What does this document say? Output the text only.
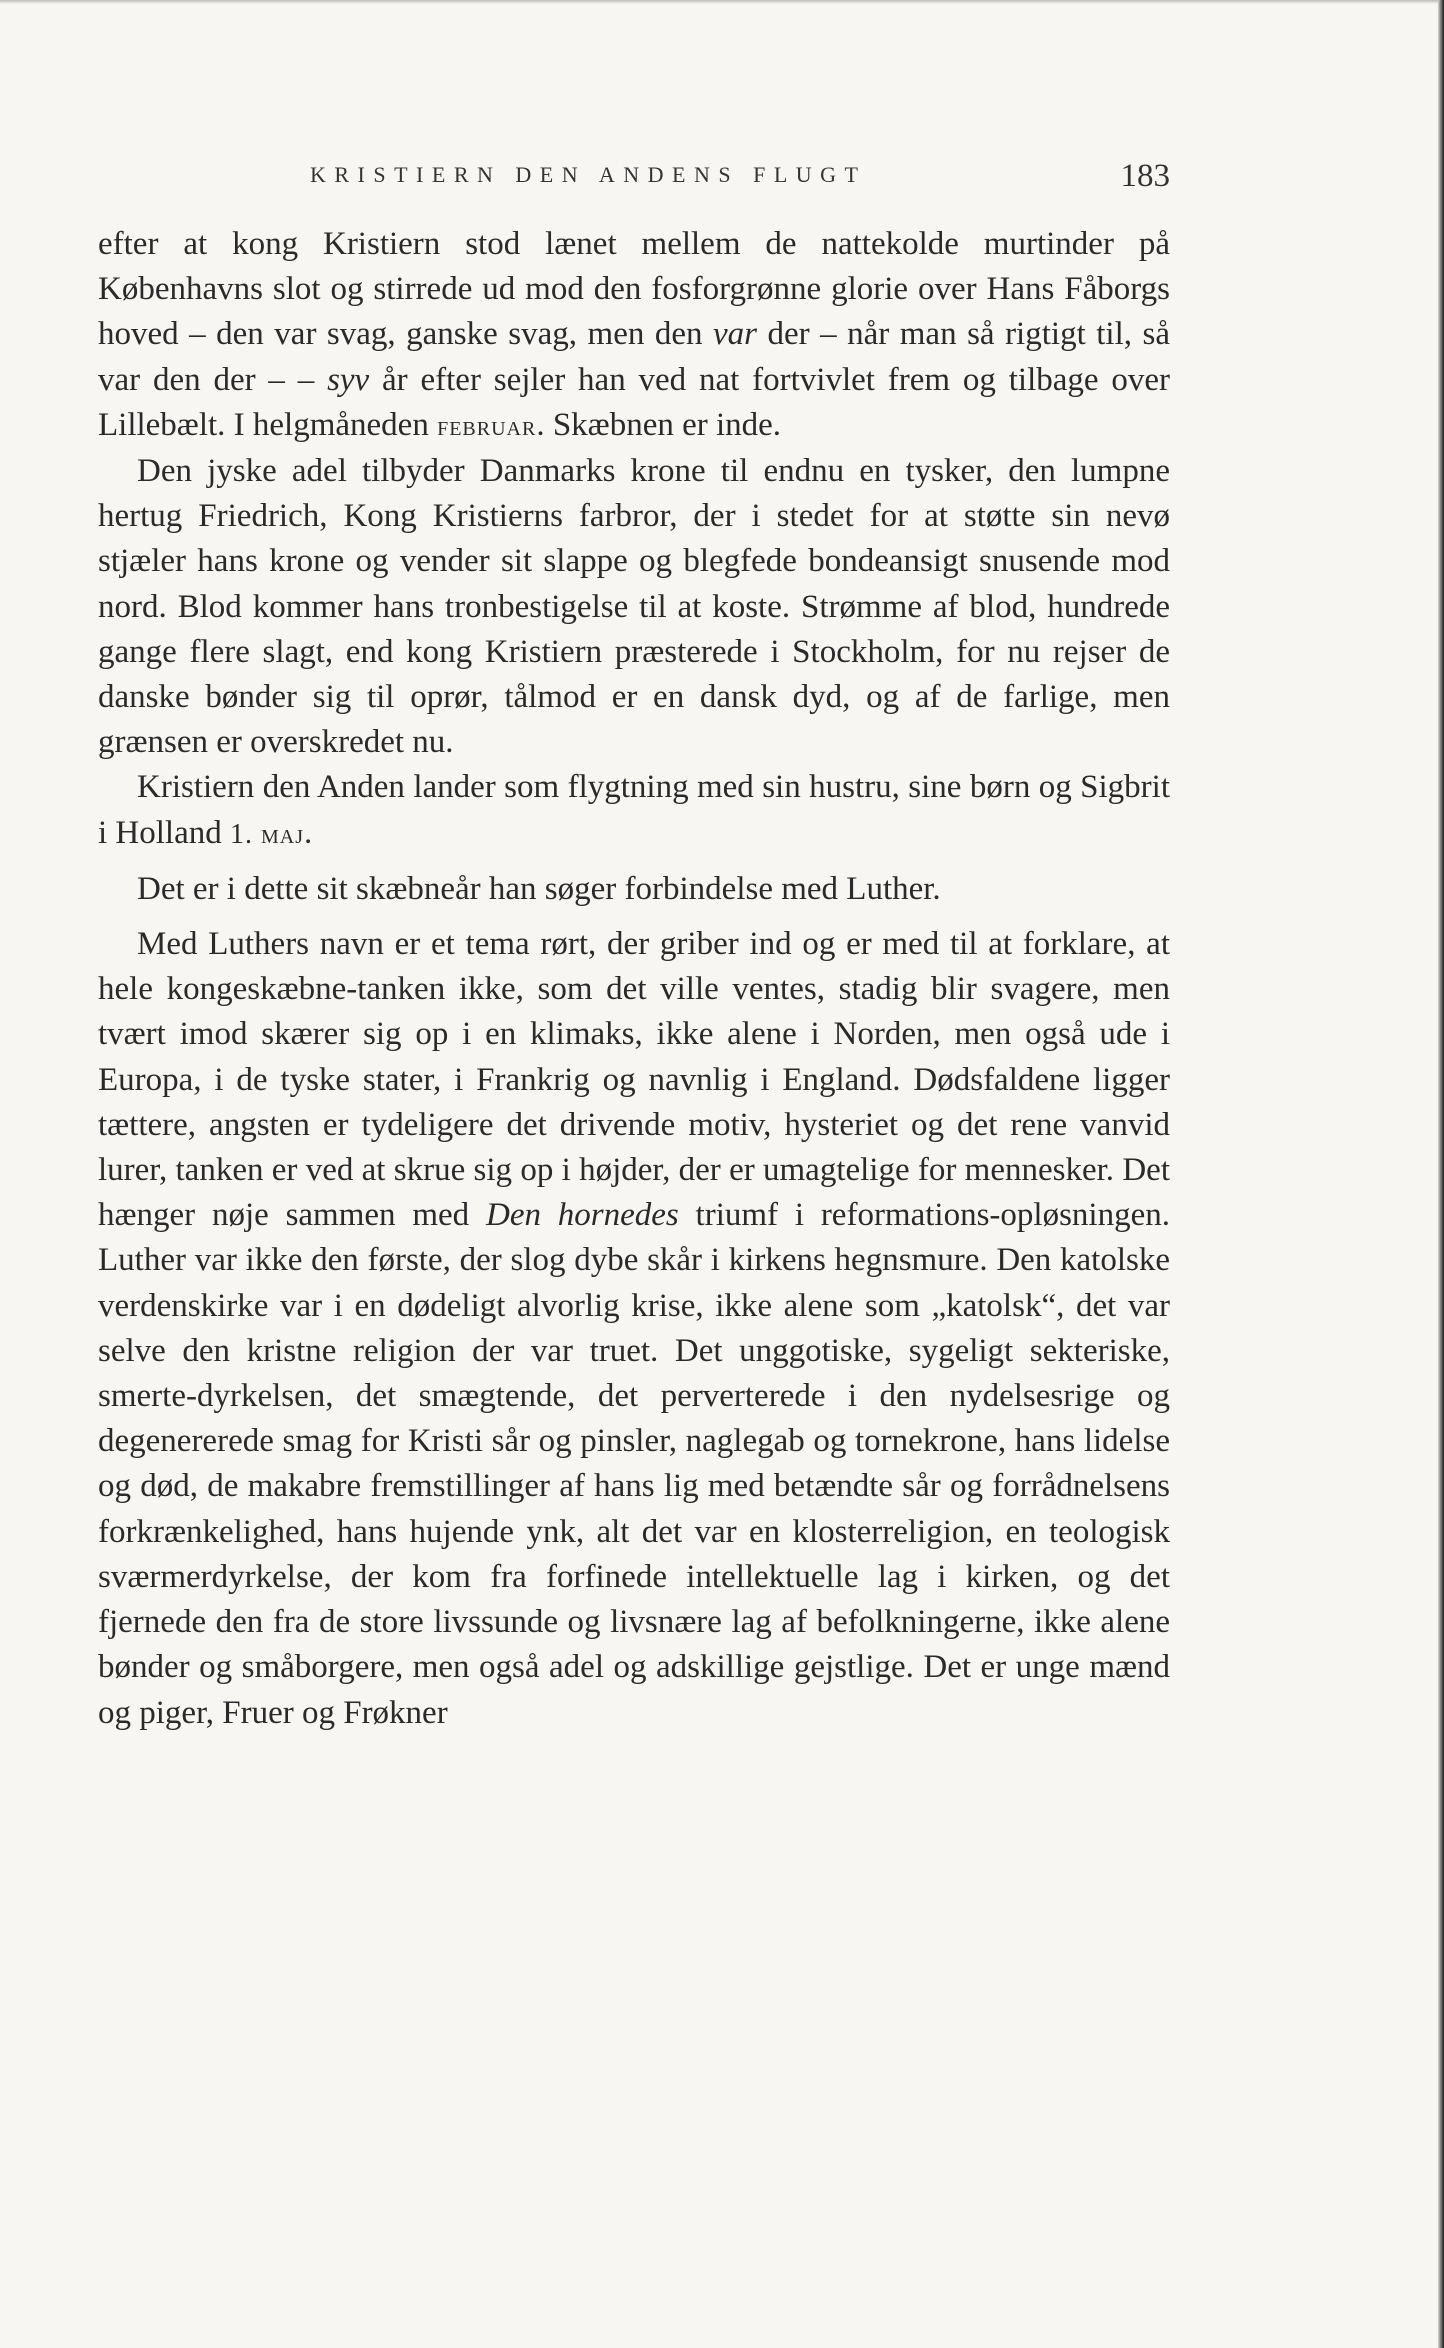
KRISTIERN DEN ANDENS FLUGT	183

efter at kong Kristiern stod lænet mellem de nattekolde murtinder på Københavns slot og stirrede ud mod den fosforgrønne glorie over Hans Fåborgs hoved – den var svag, ganske svag, men den var der – når man så rigtigt til, så var den der – – syv år efter sejler han ved nat fortvivlet frem og tilbage over Lillebælt. I helgmåneden februar. Skæbnen er inde.

Den jyske adel tilbyder Danmarks krone til endnu en tysker, den lumpne hertug Friedrich, Kong Kristierns farbror, der i stedet for at støtte sin nevø stjæler hans krone og vender sit slappe og blegfede bondeansigt snusende mod nord. Blod kommer hans tronbestigelse til at koste. Strømme af blod, hundrede gange flere slagt, end kong Kristiern præsterede i Stockholm, for nu rejser de danske bønder sig til oprør, tålmod er en dansk dyd, og af de farlige, men grænsen er overskredet nu.

Kristiern den Anden lander som flygtning med sin hustru, sine børn og Sigbrit i Holland 1. maj.

Det er i dette sit skæbneår han søger forbindelse med Luther.

Med Luthers navn er et tema rørt, der griber ind og er med til at forklare, at hele kongeskæbne-tanken ikke, som det ville ventes, stadig blir svagere, men tvært imod skærer sig op i en klimaks, ikke alene i Norden, men også ude i Europa, i de tyske stater, i Frankrig og navnlig i England. Dødsfaldene ligger tættere, angsten er tydeligere det drivende motiv, hysteriet og det rene vanvid lurer, tanken er ved at skrue sig op i højder, der er umagtelige for mennesker. Det hænger nøje sammen med Den hornedes triumf i reformations-opløsningen. Luther var ikke den første, der slog dybe skår i kirkens hegnsmure. Den katolske verdenskirke var i en dødeligt alvorlig krise, ikke alene som „katolsk“, det var selve den kristne religion der var truet. Det unggotiske, sygeligt sekteriske, smerte-dyrkelsen, det smægtende, det perverterede i den nydelsesrige og degenererede smag for Kristi sår og pinsler, naglegab og tornekrone, hans lidelse og død, de makabre fremstillinger af hans lig med betændte sår og forrådnelsens forkrænkelighed, hans hujende ynk, alt det var en klosterreligion, en teologisk sværmerdyrkelse, der kom fra forfinede intellektuelle lag i kirken, og det fjernede den fra de store livssunde og livsnære lag af befolkningerne, ikke alene bønder og småborgere, men også adel og adskillige gejstlige. Det er unge mænd og piger, Fruer og Frøkner
